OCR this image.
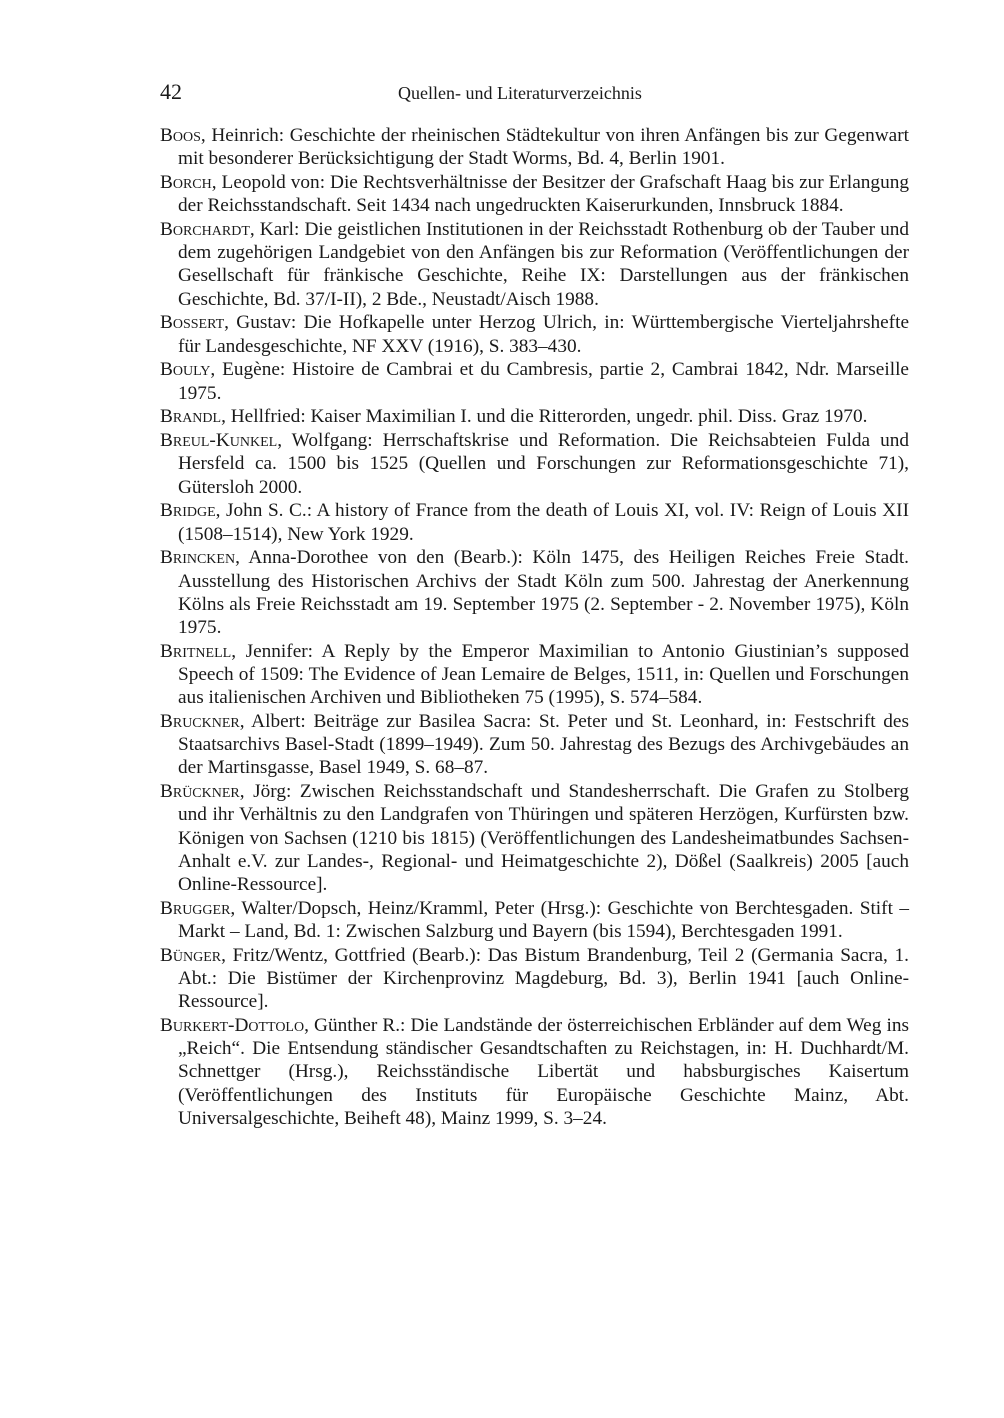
42	Quellen- und Literaturverzeichnis

Boos, Heinrich: Geschichte der rheinischen Städtekultur von ihren Anfängen bis zur Gegenwart mit besonderer Berücksichtigung der Stadt Worms, Bd. 4, Berlin 1901.

Borch, Leopold von: Die Rechtsverhältnisse der Besitzer der Grafschaft Haag bis zur Erlangung der Reichsstandschaft. Seit 1434 nach ungedruckten Kaiserurkunden, Innsbruck 1884.

Borchardt, Karl: Die geistlichen Institutionen in der Reichsstadt Rothenburg ob der Tauber und dem zugehörigen Landgebiet von den Anfängen bis zur Reformation (Veröffentlichungen der Gesellschaft für fränkische Geschichte, Reihe IX: Darstellungen aus der fränkischen Geschichte, Bd. 37/I-II), 2 Bde., Neustadt/Aisch 1988.

Bossert, Gustav: Die Hofkapelle unter Herzog Ulrich, in: Württembergische Vierteljahrshefte für Landesgeschichte, NF XXV (1916), S. 383–430.

Bouly, Eugène: Histoire de Cambrai et du Cambresis, partie 2, Cambrai 1842, Ndr. Marseille 1975.

Brandl, Hellfried: Kaiser Maximilian I. und die Ritterorden, ungedr. phil. Diss. Graz 1970.

Breul-Kunkel, Wolfgang: Herrschaftskrise und Reformation. Die Reichsabteien Fulda und Hersfeld ca. 1500 bis 1525 (Quellen und Forschungen zur Reformationsgeschichte 71), Gütersloh 2000.

Bridge, John S. C.: A history of France from the death of Louis XI, vol. IV: Reign of Louis XII (1508–1514), New York 1929.

Brincken, Anna-Dorothee von den (Bearb.): Köln 1475, des Heiligen Reiches Freie Stadt. Ausstellung des Historischen Archivs der Stadt Köln zum 500. Jahrestag der Anerkennung Kölns als Freie Reichsstadt am 19. September 1975 (2. September - 2. November 1975), Köln 1975.

Britnell, Jennifer: A Reply by the Emperor Maximilian to Antonio Giustinian’s supposed Speech of 1509: The Evidence of Jean Lemaire de Belges, 1511, in: Quellen und Forschungen aus italienischen Archiven und Bibliotheken 75 (1995), S. 574–584.

Bruckner, Albert: Beiträge zur Basilea Sacra: St. Peter und St. Leonhard, in: Festschrift des Staatsarchivs Basel-Stadt (1899–1949). Zum 50. Jahrestag des Bezugs des Archivgebäudes an der Martinsgasse, Basel 1949, S. 68–87.

Brückner, Jörg: Zwischen Reichsstandschaft und Standesherrschaft. Die Grafen zu Stolberg und ihr Verhältnis zu den Landgrafen von Thüringen und späteren Herzögen, Kurfürsten bzw. Königen von Sachsen (1210 bis 1815) (Veröffentlichungen des Landesheimatbundes Sachsen-Anhalt e.V. zur Landes-, Regional- und Heimatgeschichte 2), Dößel (Saalkreis) 2005 [auch Online-Ressource].

Brugger, Walter/Dopsch, Heinz/Kramml, Peter (Hrsg.): Geschichte von Berchtesgaden. Stift – Markt – Land, Bd. 1: Zwischen Salzburg und Bayern (bis 1594), Berchtesgaden 1991.

Bünger, Fritz/Wentz, Gottfried (Bearb.): Das Bistum Brandenburg, Teil 2 (Germania Sacra, 1. Abt.: Die Bistümer der Kirchenprovinz Magdeburg, Bd. 3), Berlin 1941 [auch Online-Ressource].

Burkert-Dottolo, Günther R.: Die Landstände der österreichischen Erbländer auf dem Weg ins „Reich“. Die Entsendung ständischer Gesandtschaften zu Reichstagen, in: H. Duchhardt/M. Schnettger (Hrsg.), Reichsständische Libertät und habsburgisches Kaisertum (Veröffentlichungen des Instituts für Europäische Geschichte Mainz, Abt. Universalgeschichte, Beiheft 48), Mainz 1999, S. 3–24.
